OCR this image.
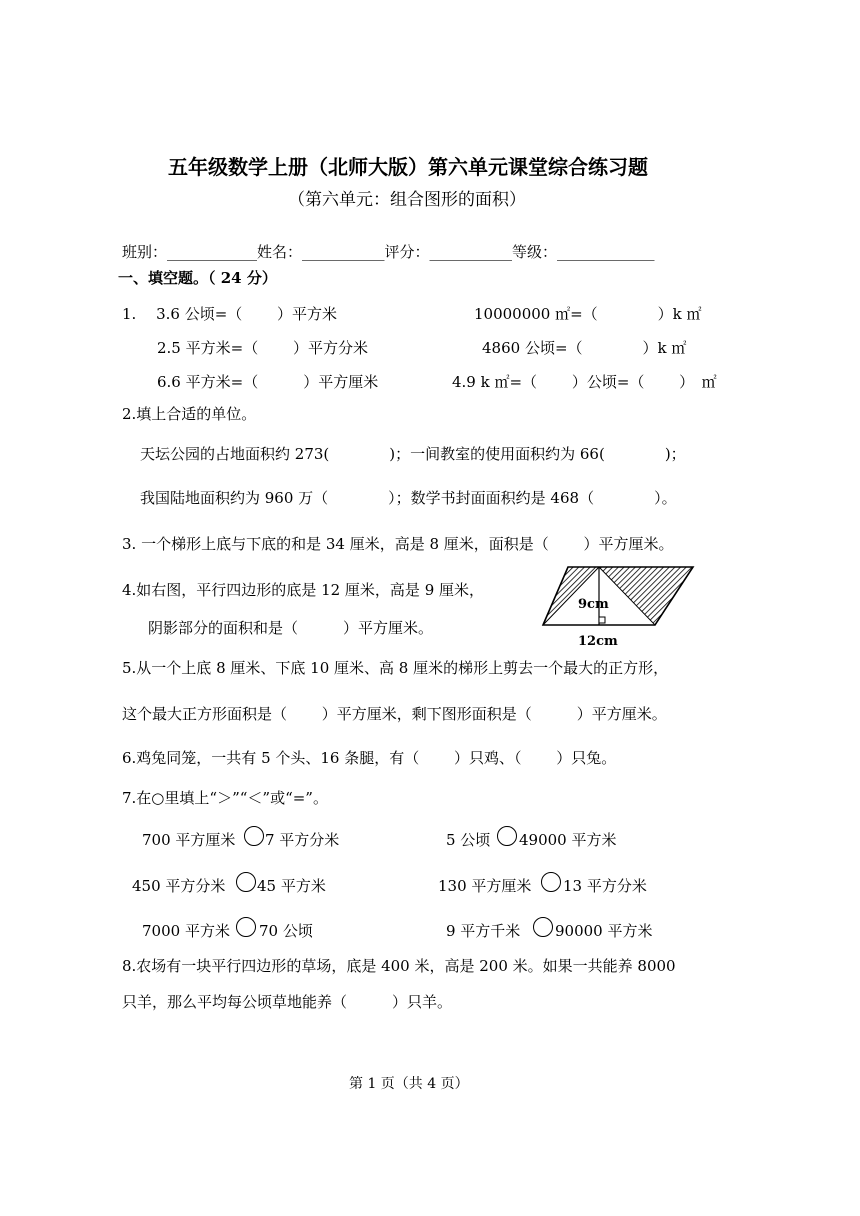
五年级数学上册（北师大版）第六单元课堂综合练习题
（第六单元：组合图形的面积）
班别：____________姓名：___________评分：___________等级：_____________
一、填空题。（ 24 分）
1.　 3.6 公顷=（　　 ）平方米	10000000 ㎡=（　　　　）k ㎡
2.5 平方米=（　　 ）平方分米	4860 公顷=（　　　　）k ㎡
6.6 平方米=（　　　）平方厘米	4.9 k ㎡=（　　 ）公顷=（　　 ）　㎡
2.填上合适的单位。
天坛公园的占地面积约 273(　　　　)；一间教室的使用面积约为 66(　　　　)；
我国陆地面积约为 960 万（　　　　）；数学书封面面积约是 468（　　　　）。
3. 一个梯形上底与下底的和是 34 厘米，高是 8 厘米，面积是（　　 ）平方厘米。
4.如右图，平行四边形的底是 12 厘米，高是 9 厘米，
阴影部分的面积和是（　　　）平方厘米。
9cm
12cm
5.从一个上底 8 厘米、下底 10 厘米、高 8 厘米的梯形上剪去一个最大的正方形，
这个最大正方形面积是（　　 ）平方厘米，剩下图形面积是（　　　）平方厘米。
6.鸡兔同笼，一共有 5 个头、16 条腿，有（　　 ）只鸡、（　　 ）只兔。
7.在○里填上“＞”“＜”或“=”。
700 平方厘米 7 平方分米	5 公顷 49000 平方米
450 平方分米 45 平方米	130 平方厘米 13 平方分米
7000 平方米 70 公顷	9 平方千米 90000 平方米
8.农场有一块平行四边形的草场，底是 400 米，高是 200 米。如果一共能养 8000
只羊，那么平均每公顷草地能养（　　　）只羊。
第 1 页（共 4 页）
